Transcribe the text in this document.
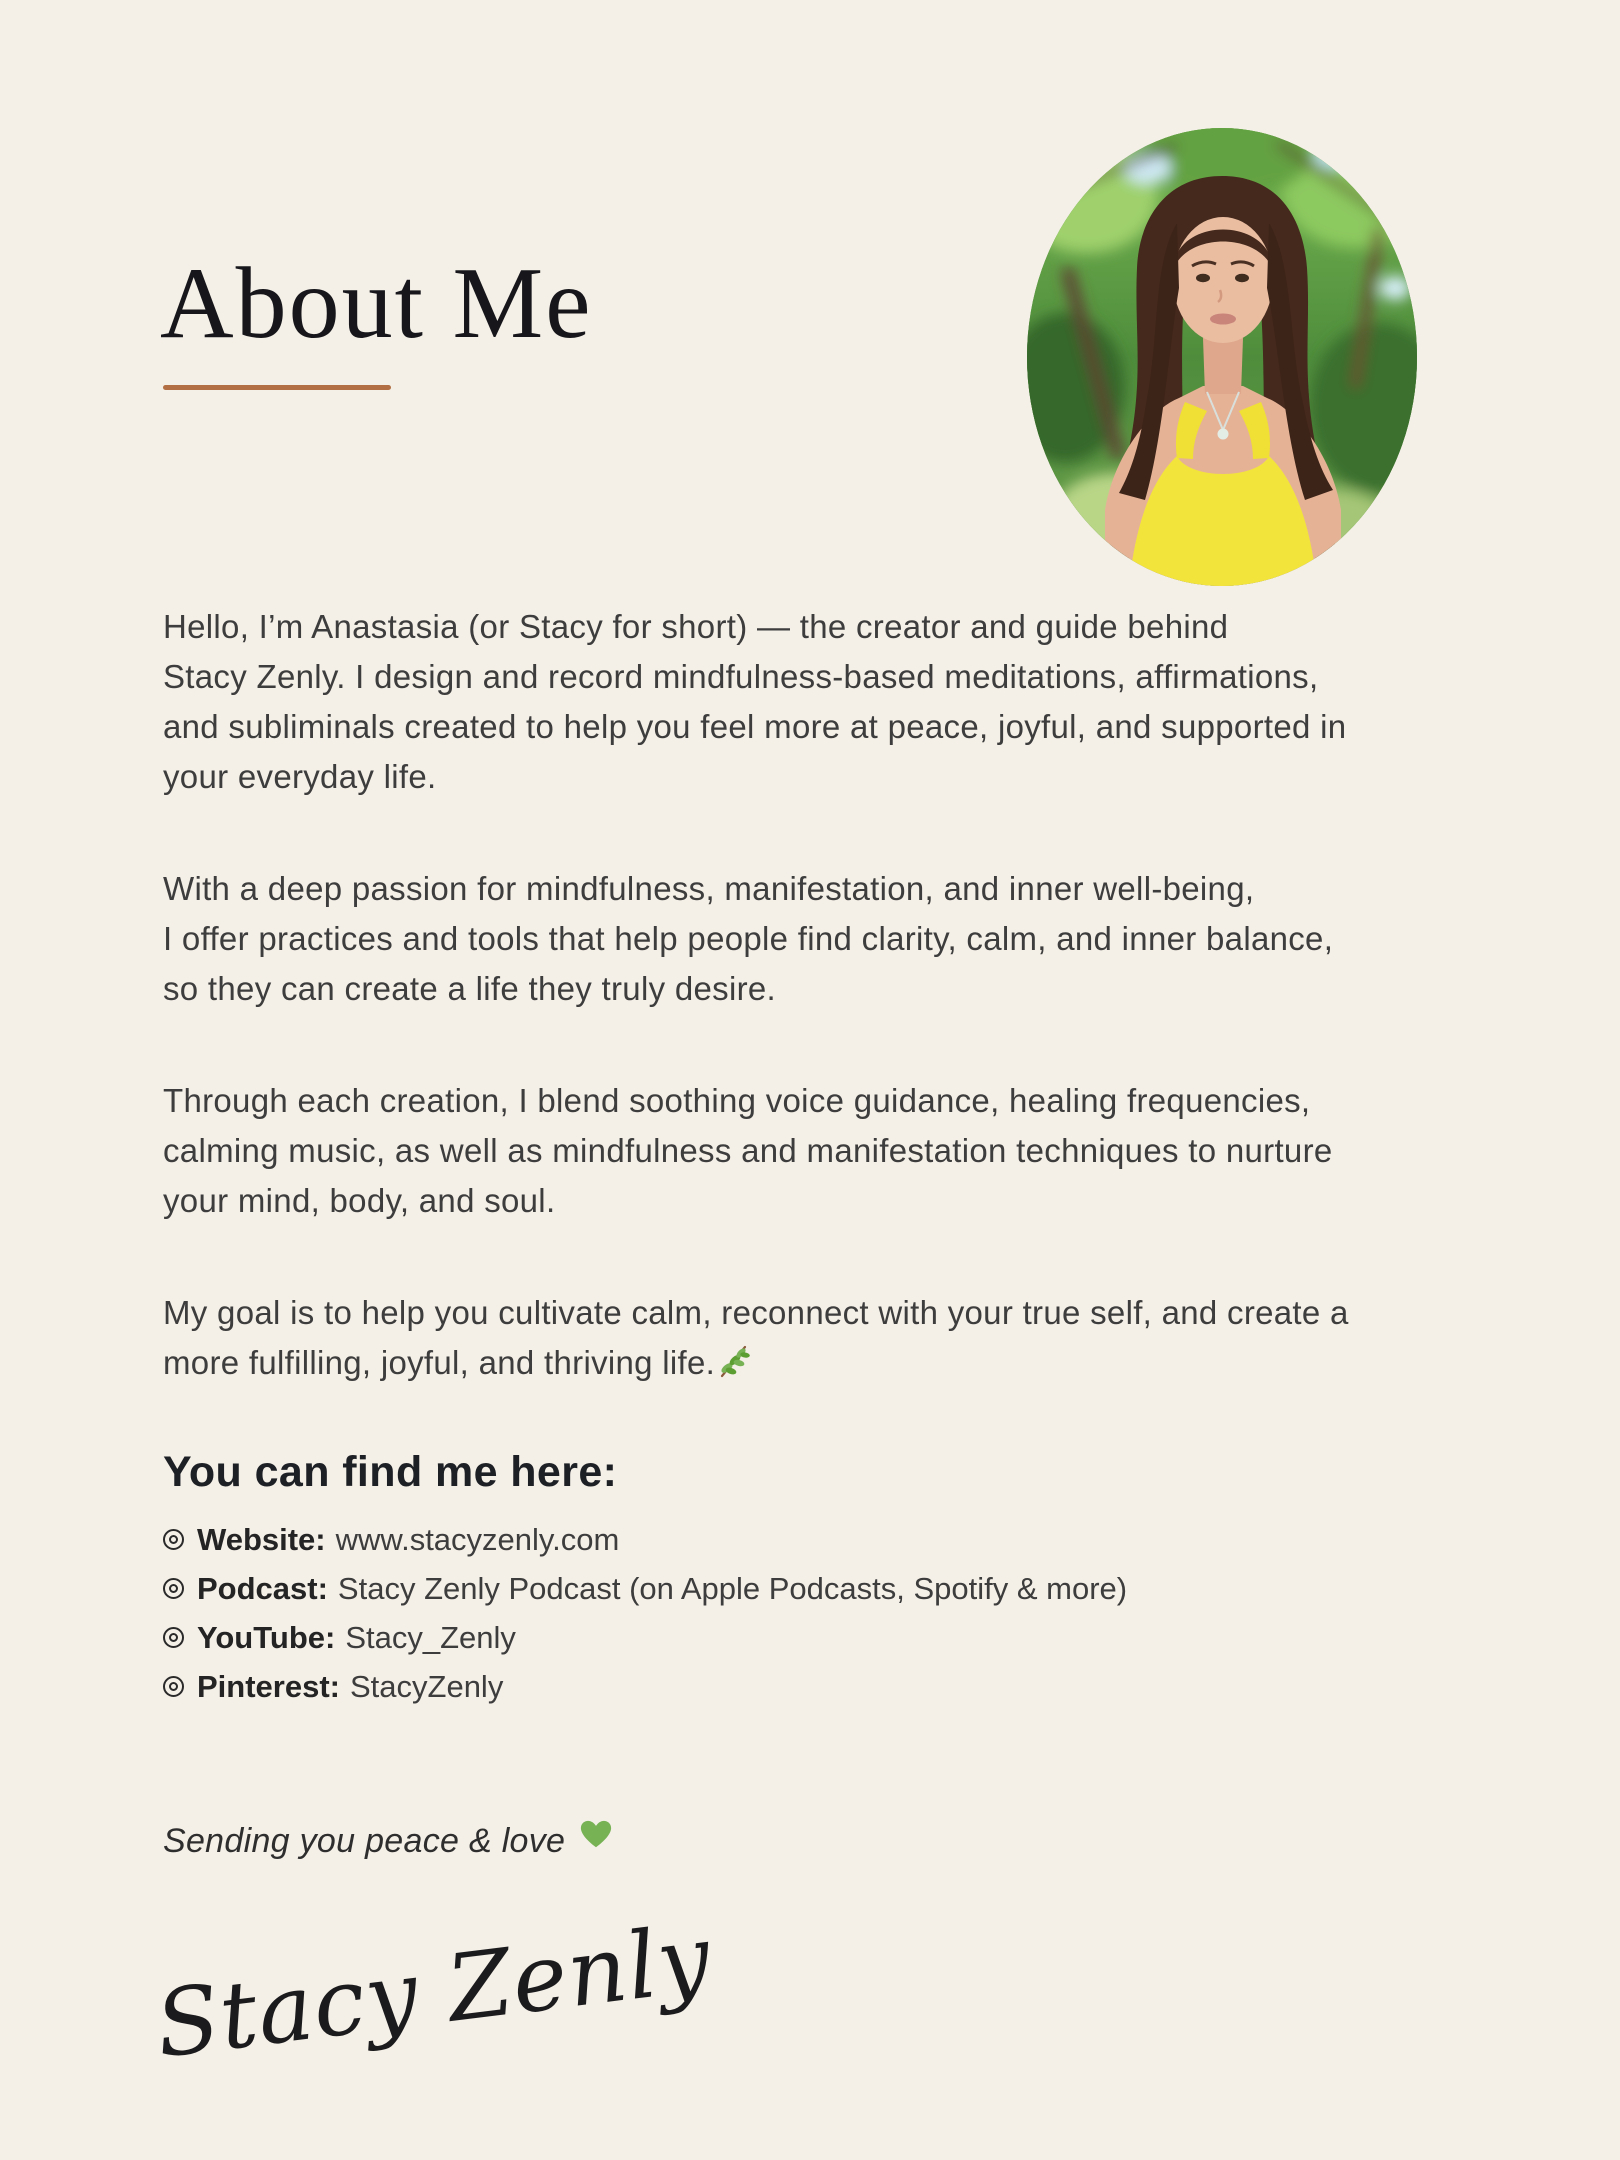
About Me
Hello, I’m Anastasia (or Stacy for short) — the creator and guide behind
Stacy Zenly. I design and record mindfulness-based meditations, affirmations,
and subliminals created to help you feel more at peace, joyful, and supported in
your everyday life.
With a deep passion for mindfulness, manifestation, and inner well-being,
I offer practices and tools that help people find clarity, calm, and inner balance,
so they can create a life they truly desire.
Through each creation, I blend soothing voice guidance, healing frequencies,
calming music, as well as mindfulness and manifestation techniques to nurture
your mind, body, and soul.
My goal is to help you cultivate calm, reconnect with your true self, and create a
more fulfilling, joyful, and thriving life.
You can find me here:
Website: www.stacyzenly.com
Podcast: Stacy Zenly Podcast (on Apple Podcasts, Spotify & more)
YouTube: Stacy_Zenly
Pinterest: StacyZenly
Sending you peace & love
Stacy Zenly
